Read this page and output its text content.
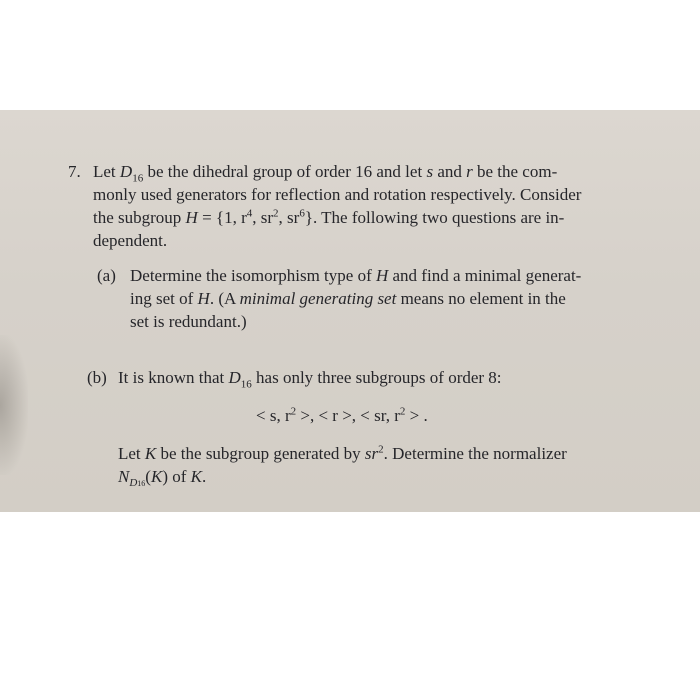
7. Let $D_{16}$ be the dihedral group of order 16 and let s and r be the com-
monly used generators for reflection and rotation respectively. Consider
the subgroup H = {1, $r^4$, $sr^2$, $sr^6$}. The following two questions are in-
dependent.
(a) Determine the isomorphism type of H and find a minimal generat-
ing set of H. (A minimal generating set means no element in the
set is redundant.)
(b) It is known that $D_{16}$ has only three subgroups of order 8:
< s, $r^2$ >, < r >, < sr, $r^2$ > .
Let K be the subgroup generated by $sr^2$. Determine the normalizer
$N_{D16}(K)$ of K.
